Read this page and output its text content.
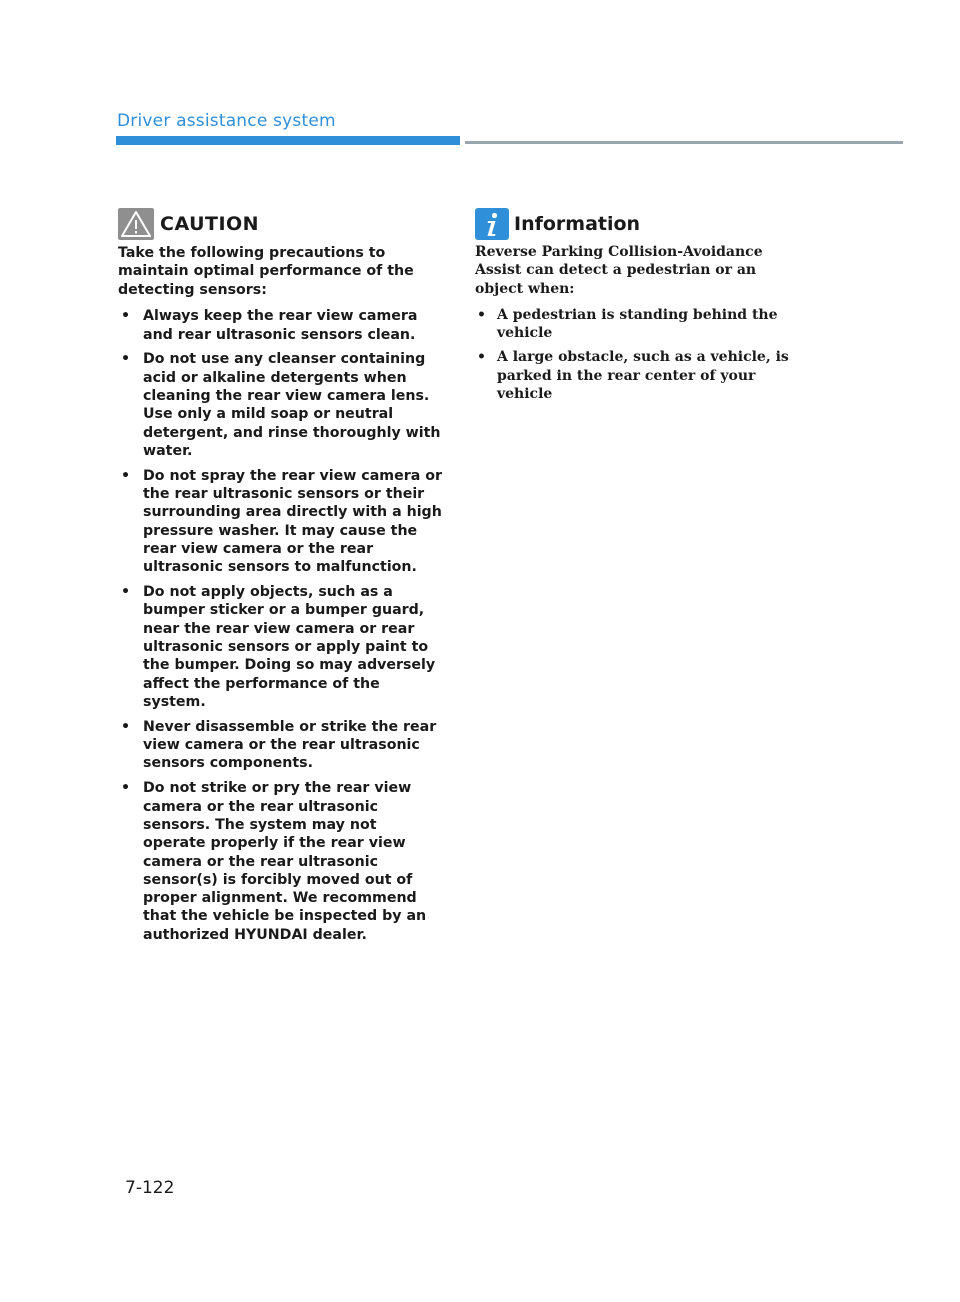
Driver assistance system
CAUTION

Take the following precautions to maintain optimal performance of the detecting sensors:

• Always keep the rear view camera and rear ultrasonic sensors clean.
• Do not use any cleanser containing acid or alkaline detergents when cleaning the rear view camera lens. Use only a mild soap or neutral detergent, and rinse thoroughly with water.
• Do not spray the rear view camera or the rear ultrasonic sensors or their surrounding area directly with a high pressure washer. It may cause the rear view camera or the rear ultrasonic sensors to malfunction.
• Do not apply objects, such as a bumper sticker or a bumper guard, near the rear view camera or rear ultrasonic sensors or apply paint to the bumper. Doing so may adversely affect the performance of the system.
• Never disassemble or strike the rear view camera or the rear ultrasonic sensors components.
• Do not strike or pry the rear view camera or the rear ultrasonic sensors. The system may not operate properly if the rear view camera or the rear ultrasonic sensor(s) is forcibly moved out of proper alignment. We recommend that the vehicle be inspected by an authorized HYUNDAI dealer.
Information

Reverse Parking Collision-Avoidance Assist can detect a pedestrian or an object when:

• A pedestrian is standing behind the vehicle
• A large obstacle, such as a vehicle, is parked in the rear center of your vehicle
7-122
